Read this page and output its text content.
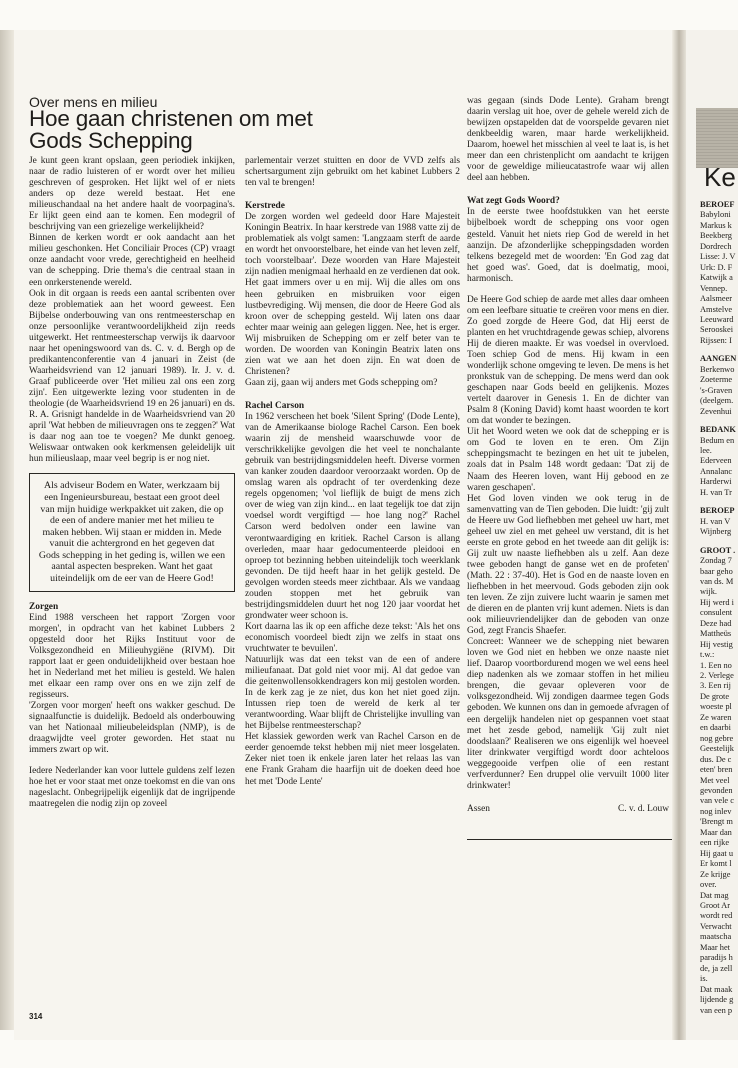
Over mens en milieu
Hoe gaan christenen om met Gods Schepping

Je kunt geen krant opslaan, geen periodiek inkijken, naar de radio luisteren of er wordt over het milieu geschreven of gesproken. Het lijkt wel of er niets anders op deze wereld bestaat. Het ene milieuschandaal na het andere haalt de voorpagina's. Er lijkt geen eind aan te komen. Een modegril of beschrijving van een griezelige werkelijkheid?

Binnen de kerken wordt er ook aandacht aan het milieu geschonken. Het Conciliair Proces (CP) vraagt onze aandacht voor vrede, gerechtigheid en heelheid van de schepping. Drie thema's die centraal staan in een onrkerstenende wereld.

Ook in dit orgaan is reeds een aantal scribenten over deze problematiek aan het woord geweest. Een Bijbelse onderbouwing van ons rentmeesterschap en onze persoonlijke verantwoordelijkheid zijn reeds uitgewerkt. Het rentmeesterschap verwijs ik daarvoor naar het openingswoord van ds. C. v. d. Bergh op de predikantenconferentie van 4 januari in Zeist (de Waarheidsvriend van 12 januari 1989). Ir. J. v. d. Graaf publiceerde over 'Het milieu zal ons een zorg zijn'. Een uitgewerkte lezing voor studenten in de theologie (de Waarheidsvriend 19 en 26 januari) en ds. R. A. Grisnigt handelde in de Waarheidsvriend van 20 april 'Wat hebben de milieuvragen ons te zeggen?' Wat is daar nog aan toe te voegen? Me dunkt genoeg. Weliswaar ontwaken ook kerkmensen geleidelijk uit hun milieuslaap, maar veel begrip is er nog niet.

Als adviseur Bodem en Water, werkzaam bij een Ingenieursbureau, bestaat een groot deel van mijn huidige werkpakket uit zaken, die op de een of andere manier met het milieu te maken hebben. Wij staan er midden in. Mede vanuit die achtergrond en het gegeven dat Gods schepping in het geding is, willen we een aantal aspecten bespreken. Want het gaat uiteindelijk om de eer van de Heere God!

Zorgen

Eind 1988 verscheen het rapport 'Zorgen voor morgen', in opdracht van het kabinet Lubbers 2 opgesteld door het Rijks Instituut voor de Volksgezondheid en Milieuhygiëne (RIVM). Dit rapport laat er geen onduidelijkheid over bestaan hoe het in Nederland met het milieu is gesteld. We halen met elkaar een ramp over ons en we zijn zelf de regisseurs.

'Zorgen voor morgen' heeft ons wakker geschud. De signaalfunctie is duidelijk. Bedoeld als onderbouwing van het Nationaal milieubeleidsplan (NMP), is de draagwijdte veel groter geworden. Het staat nu immers zwart op wit.

Iedere Nederlander kan voor luttele guldens zelf lezen hoe het er voor staat met onze toekomst en die van ons nageslacht. Onbegrijpelijk eigenlijk dat de ingrijpende maatregelen die nodig zijn op zoveel

parlementair verzet stuitten en door de VVD zelfs als schertsargument zijn gebruikt om het kabinet Lubbers 2 ten val te brengen!

Kerstrede

De zorgen worden wel gedeeld door Hare Majesteit Koningin Beatrix. In haar kerstrede van 1988 vatte zij de problematiek als volgt samen: 'Langzaam sterft de aarde en wordt het onvoorstelbare, het einde van het leven zelf, toch voorstelbaar'. Deze woorden van Hare Majesteit zijn nadien menigmaal herhaald en ze verdienen dat ook. Het gaat immers over u en mij. Wij die alles om ons heen gebruiken en misbruiken voor eigen lustbevrediging. Wij mensen, die door de Heere God als kroon over de schepping gesteld. Wij laten ons daar echter maar weinig aan gelegen liggen. Nee, het is erger. Wij misbruiken de Schepping om er zelf beter van te worden. De woorden van Koningin Beatrix laten ons zien wat we aan het doen zijn. En wat doen de Christenen?

Gaan zij, gaan wij anders met Gods schepping om?

Rachel Carson

In 1962 verscheen het boek 'Silent Spring' (Dode Lente), van de Amerikaanse biologe Rachel Carson. Een boek waarin zij de mensheid waarschuwde voor de verschrikkelijke gevolgen die het veel te nonchalante gebruik van bestrijdingsmiddelen heeft. Diverse vormen van kanker zouden daardoor veroorzaakt worden. Op de omslag waren als opdracht of ter overdenking deze regels opgenomen; 'vol lieflijk de buigt de mens zich over de wieg van zijn kind... en laat tegelijk toe dat zijn voedsel wordt vergiftigd — hoe lang nog?' Rachel Carson werd bedolven onder een lawine van verontwaardiging en kritiek. Rachel Carson is allang overleden, maar haar gedocumenteerde pleidooi en oproep tot bezinning hebben uiteindelijk toch weerklank gevonden. De tijd heeft haar in het gelijk gesteld. De gevolgen worden steeds meer zichtbaar. Als we vandaag zouden stoppen met het gebruik van bestrijdingsmiddelen duurt het nog 120 jaar voordat het grondwater weer schoon is.

Kort daarna las ik op een affiche deze tekst: 'Als het ons economisch voordeel biedt zijn we zelfs in staat ons vruchtwater te bevuilen'.

Natuurlijk was dat een tekst van de een of andere milieufanaat. Dat gold niet voor mij. Al dat gedoe van die geitenwollensokkendragers kon mij gestolen worden. In de kerk zag je ze niet, dus kon het niet goed zijn. Intussen riep toen de wereld de kerk al ter verantwoording. Waar blijft de Christelijke invulling van het Bijbelse rentmeesterschap?

Het klassiek geworden werk van Rachel Carson en de eerder genoemde tekst hebben mij niet meer losgelaten. Zeker niet toen ik enkele jaren later het relaas las van ene Frank Graham die haarfijn uit de doeken deed hoe het met 'Dode Lente'

was gegaan (sinds Dode Lente). Graham brengt daarin verslag uit hoe, over de gehele wereld zich de bewijzen opstapelden dat de voorspelde gevaren niet denkbeeldig waren, maar harde werkelijkheid. Daarom, hoewel het misschien al veel te laat is, is het meer dan een christenplicht om aandacht te krijgen voor de geweldige milieucatastrofe waar wij allen deel aan hebben.

Wat zegt Gods Woord?

In de eerste twee hoofdstukken van het eerste bijbelboek wordt de schepping ons voor ogen gesteld. Vanuit het niets riep God de wereld in het aanzijn. De afzonderlijke scheppingsdaden worden telkens bezegeld met de woorden: 'En God zag dat het goed was'. Goed, dat is doelmatig, mooi, harmonisch.

De Heere God schiep de aarde met alles daar omheen om een leefbare situatie te creëren voor mens en dier. Zo goed zorgde de Heere God, dat Hij eerst de planten en het vruchtdragende gewas schiep, alvorens Hij de dieren maakte. Er was voedsel in overvloed. Toen schiep God de mens. Hij kwam in een wonderlijk schone omgeving te leven. De mens is het pronkstuk van de schepping. De mens werd dan ook geschapen naar Gods beeld en gelijkenis. Mozes vertelt daarover in Genesis 1. En de dichter van Psalm 8 (Koning David) komt haast woorden te kort om dat wonder te bezingen.

Uit het Woord weten we ook dat de schepping er is om God te loven en te eren. Om Zijn scheppingsmacht te bezingen en het uit te jubelen, zoals dat in Psalm 148 wordt gedaan: 'Dat zij de Naam des Heeren loven, want Hij gebood en ze waren geschapen'.

Het God loven vinden we ook terug in de samenvatting van de Tien geboden. Die luidt: 'gij zult de Heere uw God liefhebben met geheel uw hart, met geheel uw ziel en met geheel uw verstand, dit is het eerste en grote gebod en het tweede aan dit gelijk is: Gij zult uw naaste liefhebben als u zelf. Aan deze twee geboden hangt de ganse wet en de profeten' (Math. 22 : 37-40). Het is God en de naaste loven en liefhebben in het meervoud. Gods geboden zijn ook ten leven. Ze zijn zuivere lucht waarin je samen met de dieren en de planten vrij kunt ademen. Niets is dan ook milieuvriendelijker dan de geboden van onze God, zegt Francis Shaefer.

Concreet: Wanneer we de schepping niet bewaren loven we God niet en hebben we onze naaste niet lief. Daarop voortbordurend mogen we wel eens heel diep nadenken als we zomaar stoffen in het milieu brengen, die gevaar opleveren voor de volksgezondheid. Wij zondigen daarmee tegen Gods geboden. We kunnen ons dan in gemoede afvragen of een dergelijk handelen niet op gespannen voet staat met het zesde gebod, namelijk 'Gij zult niet doodslaan?' Realiseren we ons eigenlijk wel hoeveel liter drinkwater vergiftigd wordt door achteloos weggegooide verfpen olie of een restant verfverdunner? Een druppel olie vervuilt 1000 liter drinkwater!

Assen	C. v. d. Louw
314
Ke

BEROEF

Babyloni

Markus k

Beekberg

Dordrech

Lisse: J. V

Urk: D. F

Katwijk a

Vennep.

Aalsmeer

Amstelve

Leeuward

Serooskei

Rijssen: I

AANGEN

Berkenwo

Zoeterme

's-Graven

(deelgem.

Zevenhui

BEDANK

Bedum en

lee.

Ederveen

Annalanc

Harderwi

H. van Tr

BEROEP

H. van V

Wijnberg

GROOT .

Zondag 7

baar geho

van ds. M

wijk.

Hij werd i

consulent

Deze had

Mattheüs

Hij vestig

t.w.:

1. Een no

2. Verlege

3. Een rij

De grote

woeste pl

Ze waren

en daarbi

nog gebre

Geestelijk

dus. De c

eten' bren

Met veel

gevonden

van vele c

nog inlev

'Brengt m

Maar dan

een rijke

Hij gaat u

Er komt l

Ze krijge

over.

Dat mag

Groot Ar

wordt red

Verwacht

maatscha

Maar het

paradijs h

de, ja zell

is.

Dat maak

lijdende g

van een p
